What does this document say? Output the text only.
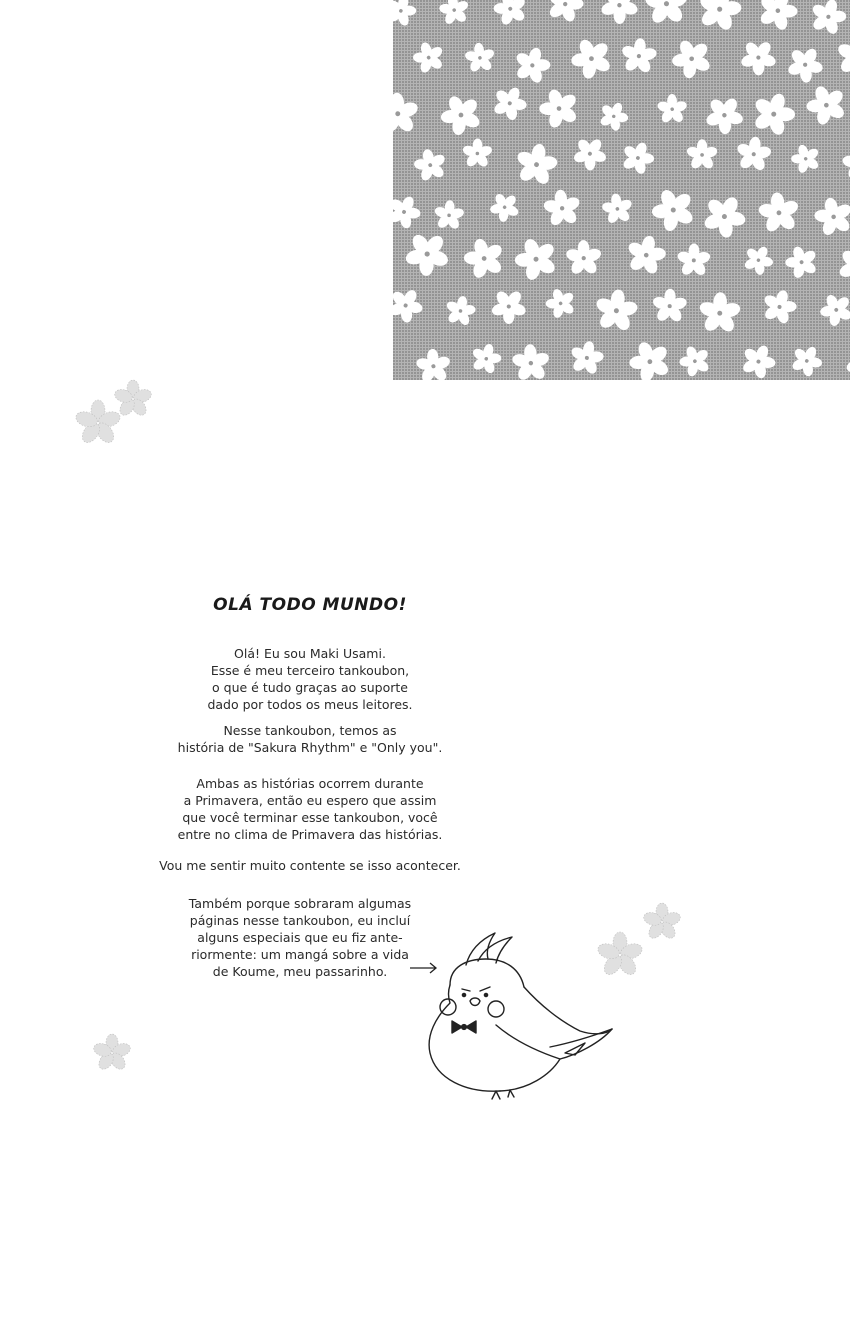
OLÁ TODO MUNDO!
Olá! Eu sou Maki Usami.
Esse é meu terceiro tankoubon,
o que é tudo graças ao suporte
dado por todos os meus leitores.
Nesse tankoubon, temos as
história de "Sakura Rhythm" e "Only you".
Ambas as histórias ocorrem durante
a Primavera, então eu espero que assim
que você terminar esse tankoubon, você
entre no clima de Primavera das histórias.
Vou me sentir muito contente se isso acontecer.
Também porque sobraram algumas
páginas nesse tankoubon, eu incluí
alguns especiais que eu fiz ante-
riormente: um mangá sobre a vida
de Koume, meu passarinho.
